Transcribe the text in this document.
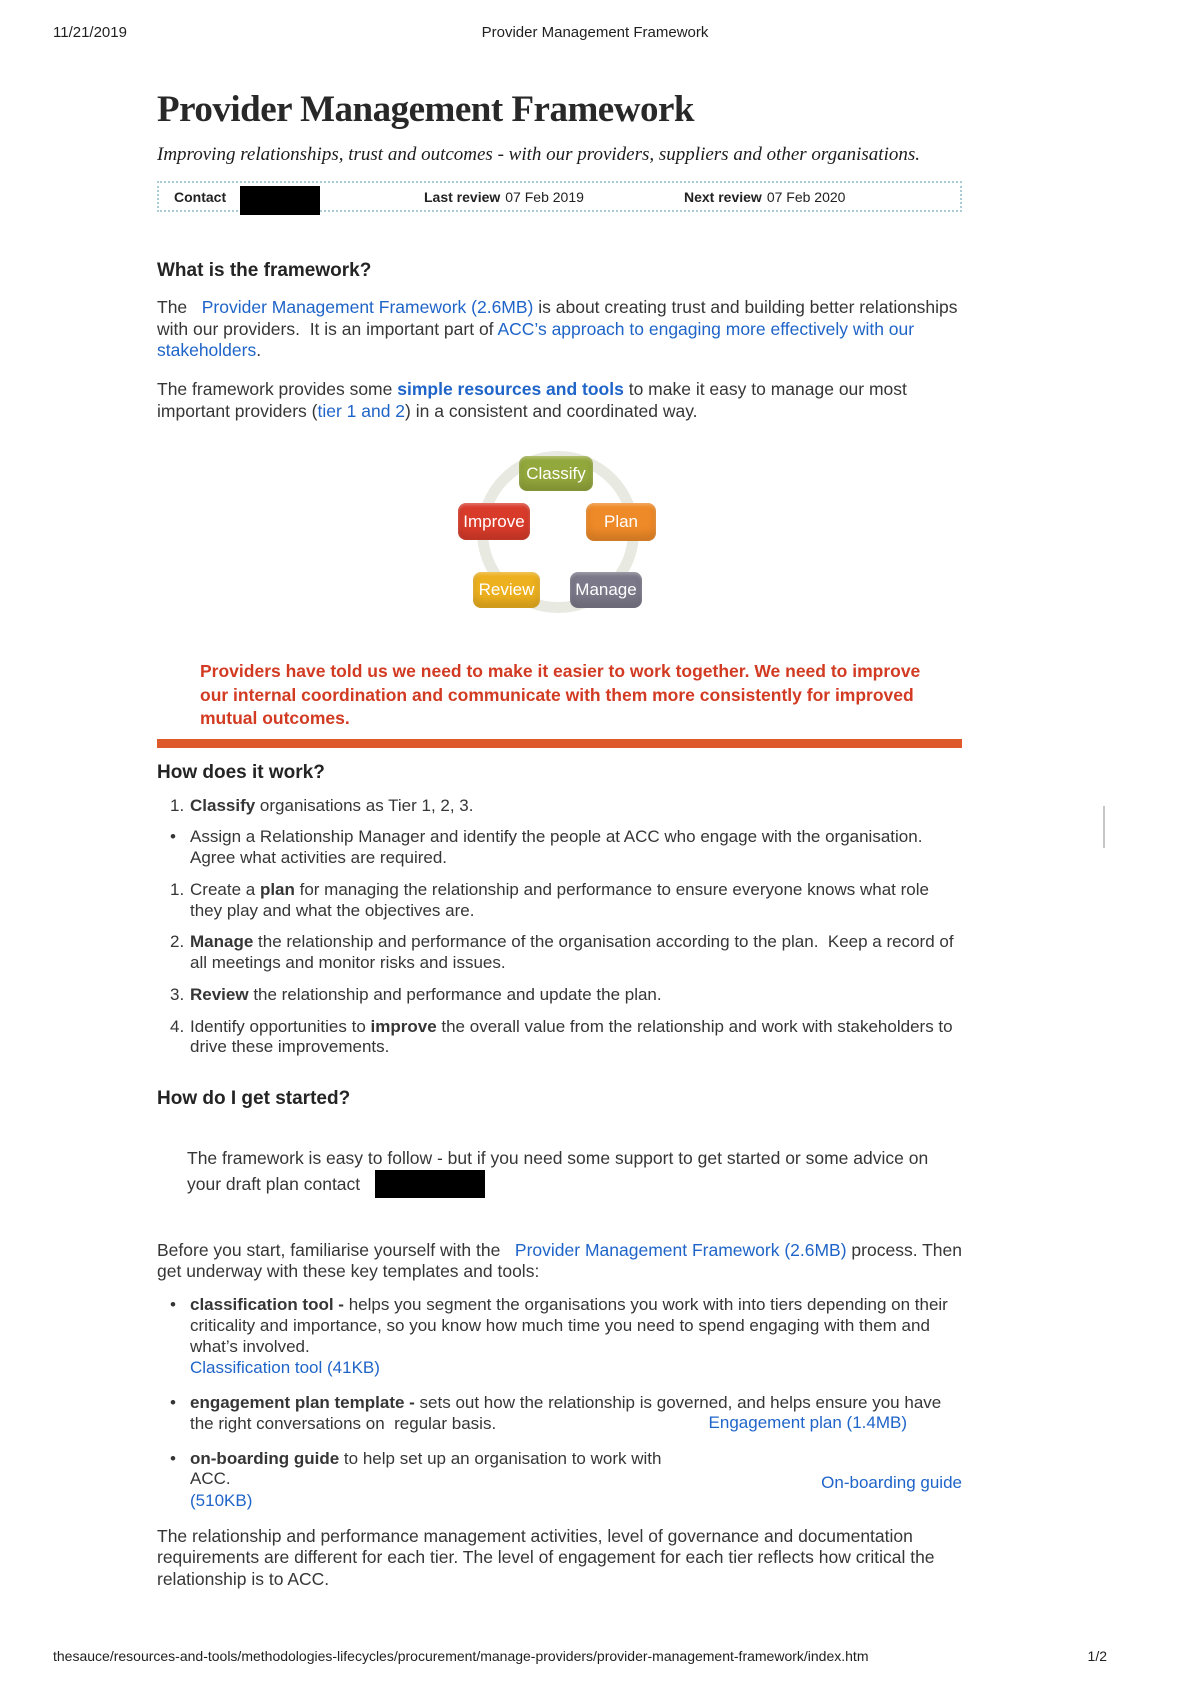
11/21/2019	Provider Management Framework
Provider Management Framework
Improving relationships, trust and outcomes - with our providers, suppliers and other organisations.
Contact	Last review 07 Feb 2019	Next review 07 Feb 2020
What is the framework?

The   Provider Management Framework (2.6MB) is about creating trust and building better relationships with our providers.  It is an important part of ACC’s approach to engaging more effectively with our stakeholders.

The framework provides some simple resources and tools to make it easy to manage our most important providers (tier 1 and 2) in a consistent and coordinated way.

Classify
Plan
Manage
Review
Improve
Providers have told us we need to make it easier to work together. We need to improve our internal coordination and communicate with them more consistently for improved mutual outcomes.
How does it work?
1. Classify organisations as Tier 1, 2, 3.
• Assign a Relationship Manager and identify the people at ACC who engage with the organisation.  Agree what activities are required.
1. Create a plan for managing the relationship and performance to ensure everyone knows what role they play and what the objectives are.
2. Manage the relationship and performance of the organisation according to the plan.  Keep a record of all meetings and monitor risks and issues.
3. Review the relationship and performance and update the plan.
4. Identify opportunities to improve the overall value from the relationship and work with stakeholders to drive these improvements.
How do I get started?

The framework is easy to follow - but if you need some support to get started or some advice on your draft plan contact

Before you start, familiarise yourself with the   Provider Management Framework (2.6MB) process. Then get underway with these key templates and tools:

• classification tool - helps you segment the organisations you work with into tiers depending on their criticality and importance, so you know how much time you need to spend engaging with them and what’s involved.
Classification tool (41KB)
• engagement plan template - sets out how the relationship is governed, and helps ensure you have the right conversations on  regular basis.	Engagement plan (1.4MB)
• on-boarding guide to help set up an organisation to work with ACC.
(510KB)
On-boarding guide

The relationship and performance management activities, level of governance and documentation requirements are different for each tier. The level of engagement for each tier reflects how critical the relationship is to ACC.

thesauce/resources-and-tools/methodologies-lifecycles/procurement/manage-providers/provider-management-framework/index.htm	1/2
